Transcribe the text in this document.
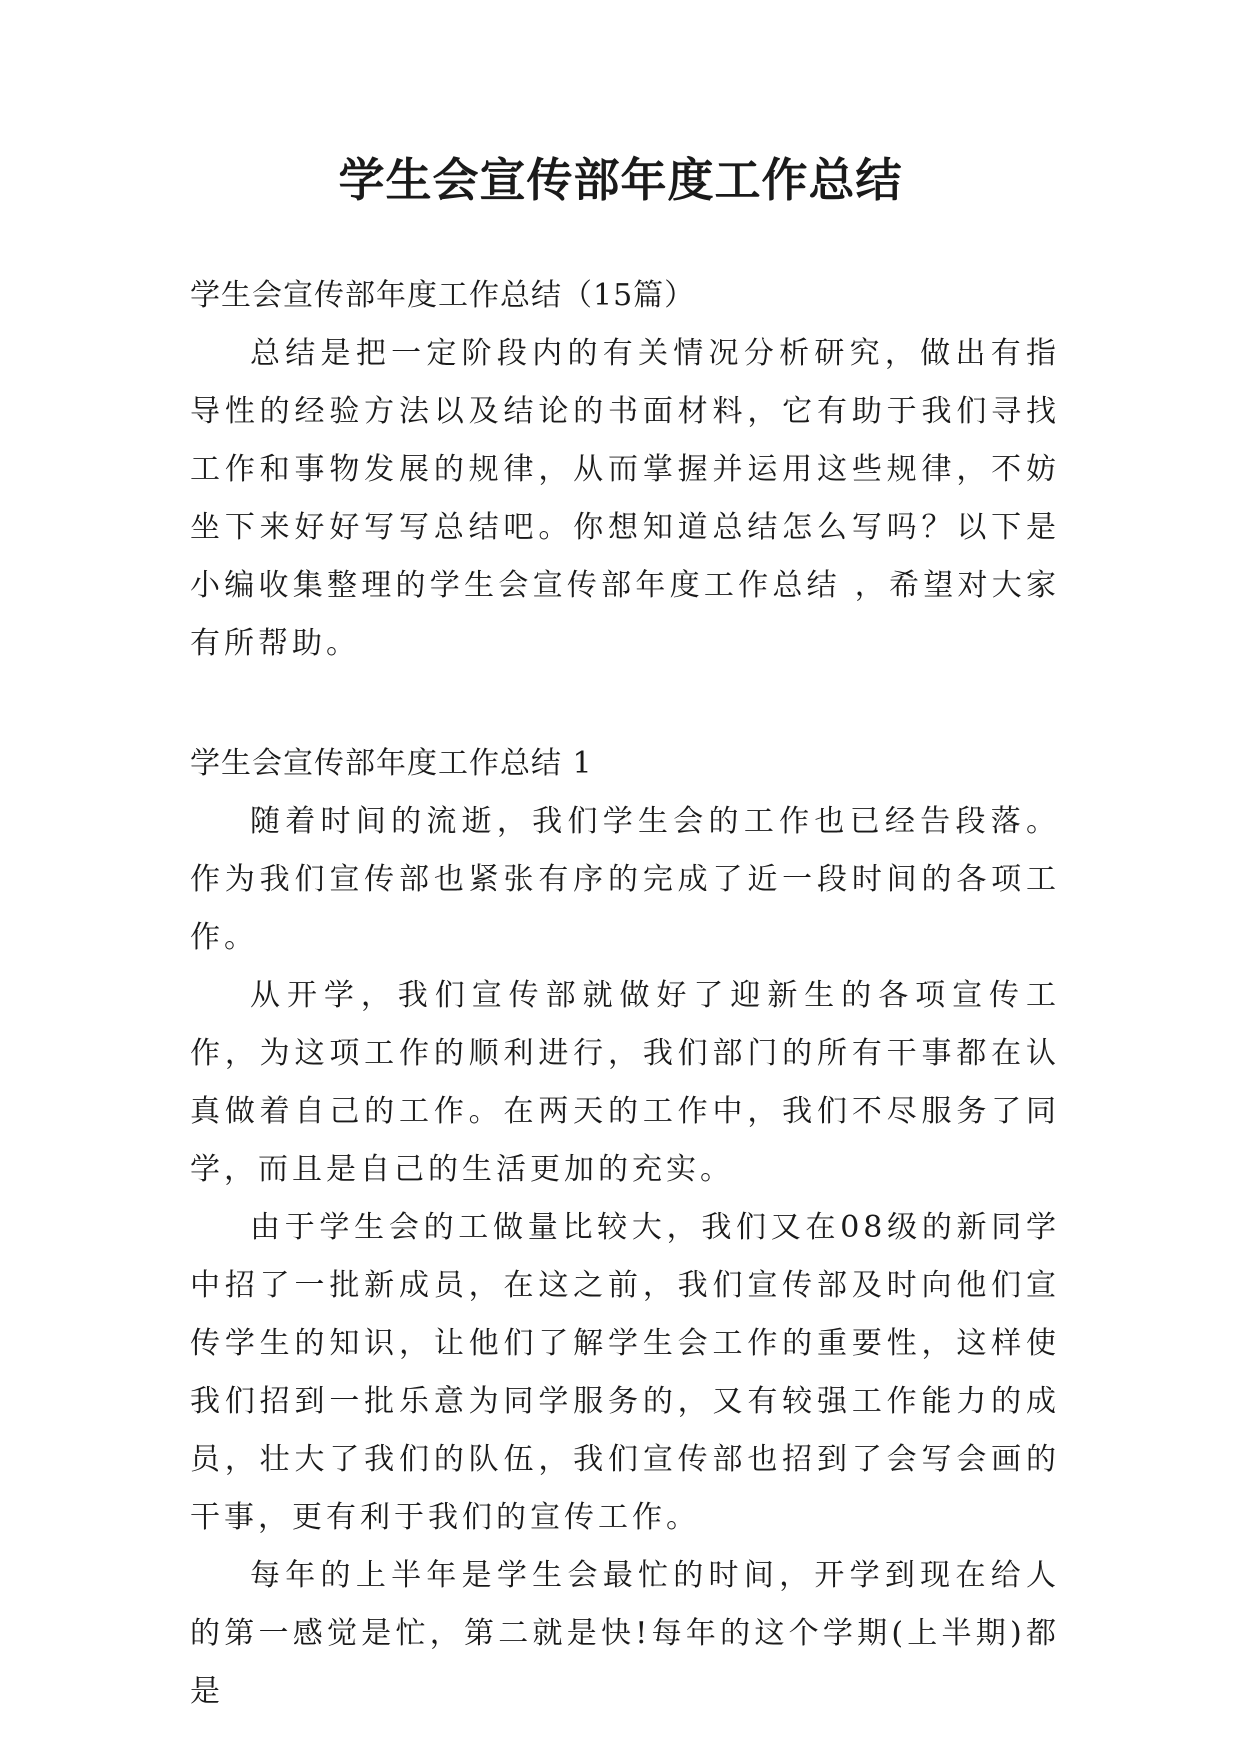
学生会宣传部年度工作总结

学生会宣传部年度工作总结（15篇）

总结是把一定阶段内的有关情况分析研究，做出有指导性的经验方法以及结论的书面材料，它有助于我们寻找工作和事物发展的规律，从而掌握并运用这些规律，不妨坐下来好好写写总结吧。你想知道总结怎么写吗？以下是小编收集整理的学生会宣传部年度工作总结 ，希望对大家有所帮助。

学生会宣传部年度工作总结 1

随着时间的流逝，我们学生会的工作也已经告段落。作为我们宣传部也紧张有序的完成了近一段时间的各项工作。

从开学，我们宣传部就做好了迎新生的各项宣传工作，为这项工作的顺利进行，我们部门的所有干事都在认真做着自己的工作。在两天的工作中，我们不尽服务了同学，而且是自己的生活更加的充实。

由于学生会的工做量比较大，我们又在08级的新同学中招了一批新成员，在这之前，我们宣传部及时向他们宣传学生的知识，让他们了解学生会工作的重要性，这样使我们招到一批乐意为同学服务的，又有较强工作能力的成员，壮大了我们的队伍，我们宣传部也招到了会写会画的干事，更有利于我们的宣传工作。

每年的上半年是学生会最忙的时间，开学到现在给人的第一感觉是忙，第二就是快!每年的这个学期(上半期)都是
